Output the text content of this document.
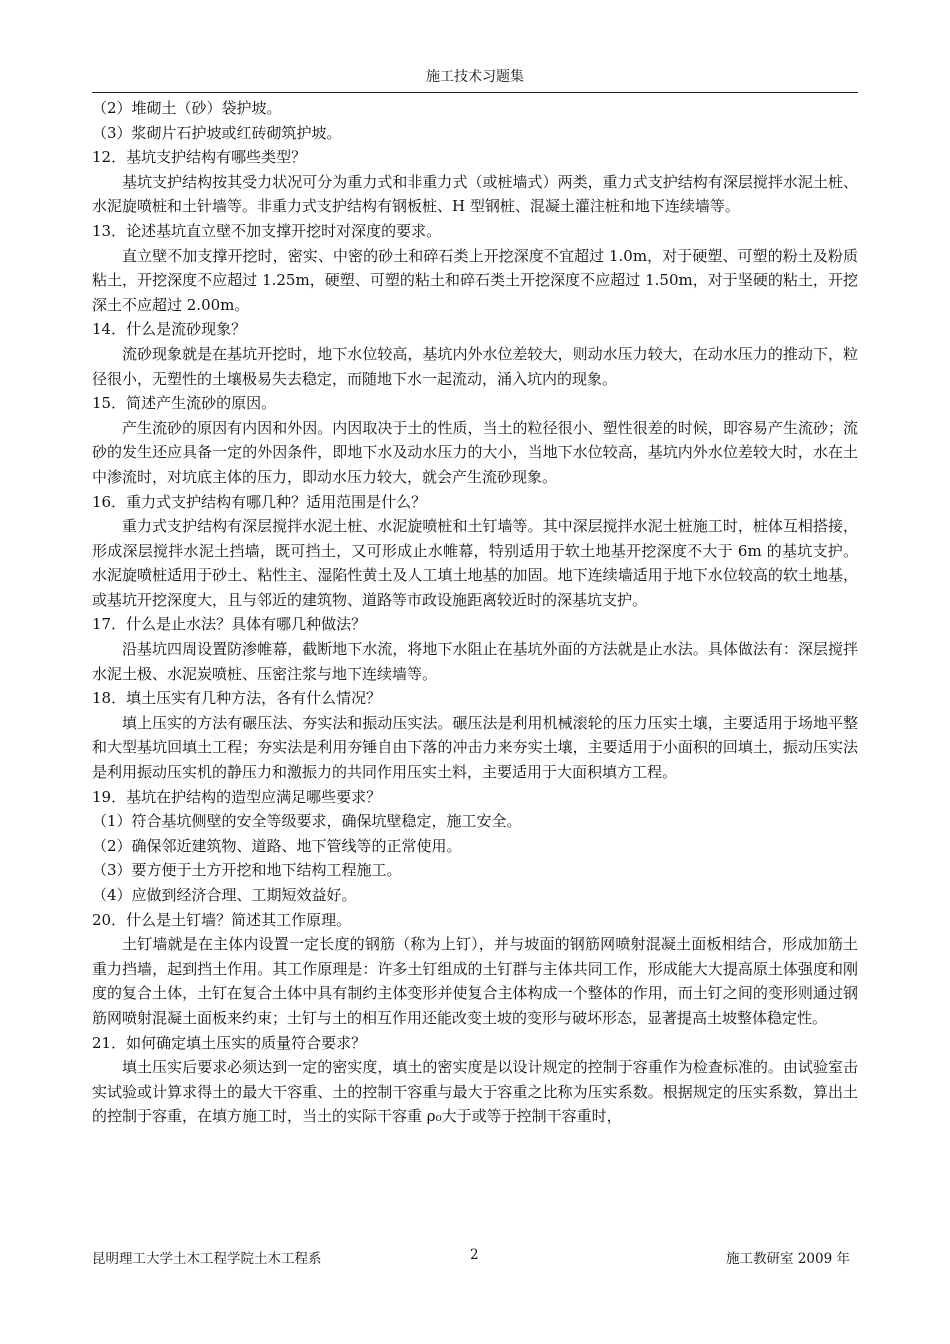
施工技术习题集
（2）堆砌土（砂）袋护坡。
（3）浆砌片石护坡或红砖砌筑护坡。
12．基坑支护结构有哪些类型？
基坑支护结构按其受力状况可分为重力式和非重力式（或桩墙式）两类，重力式支护结构有深层搅拌水泥土桩、水泥旋喷桩和土针墙等。非重力式支护结构有钢板桩、H 型钢桩、混凝土灌注桩和地下连续墙等。
13．论述基坑直立壁不加支撑开挖时对深度的要求。
直立壁不加支撑开挖时，密实、中密的砂土和碎石类上开挖深度不宜超过 1.0m，对于硬塑、可塑的粉土及粉质粘土，开挖深度不应超过 1.25m，硬塑、可塑的粘土和碎石类土开挖深度不应超过 1.50m，对于坚硬的粘土，开挖深土不应超过 2.00m。
14．什么是流砂现象？
流砂现象就是在基坑开挖时，地下水位较高，基坑内外水位差较大，则动水压力较大，在动水压力的推动下，粒径很小，无塑性的土壤极易失去稳定，而随地下水一起流动，涌入坑内的现象。
15．简述产生流砂的原因。
产生流砂的原因有内因和外因。内因取决于土的性质，当土的粒径很小、塑性很差的时候，即容易产生流砂；流砂的发生还应具备一定的外因条件，即地下水及动水压力的大小，当地下水位较高，基坑内外水位差较大时，水在土中渗流时，对坑底主体的压力，即动水压力较大，就会产生流砂现象。
16．重力式支护结构有哪几种？适用范围是什么？
重力式支护结构有深层搅拌水泥土桩、水泥旋喷桩和土钉墙等。其中深层搅拌水泥土桩施工时，桩体互相搭接，形成深层搅拌水泥土挡墙，既可挡土，又可形成止水帷幕，特别适用于软土地基开挖深度不大于 6m 的基坑支护。水泥旋喷桩适用于砂土、粘性主、湿陷性黄土及人工填土地基的加固。地下连续墙适用于地下水位较高的软土地基，或基坑开挖深度大，且与邻近的建筑物、道路等市政设施距离较近时的深基坑支护。
17．什么是止水法？具体有哪几种做法？
沿基坑四周设置防渗帷幕，截断地下水流，将地下水阻止在基坑外面的方法就是止水法。具体做法有：深层搅拌水泥土极、水泥炭喷桩、压密注浆与地下连续墙等。
18．填土压实有几种方法，各有什么情况？
填上压实的方法有碾压法、夯实法和振动压实法。碾压法是利用机械滚轮的压力压实土壤，主要适用于场地平整和大型基坑回填土工程；夯实法是利用夯锤自由下落的冲击力来夯实土壤，主要适用于小面积的回填土，振动压实法是利用振动压实机的静压力和激振力的共同作用压实土料，主要适用于大面积填方工程。
19．基坑在护结构的造型应满足哪些要求？
（1）符合基坑侧壁的安全等级要求，确保坑壁稳定，施工安全。
（2）确保邻近建筑物、道路、地下管线等的正常使用。
（3）要方便于土方开挖和地下结构工程施工。
（4）应做到经济合理、工期短效益好。
20．什么是土钉墙？简述其工作原理。
土钉墙就是在主体内设置一定长度的钢筋（称为上钉），并与坡面的钢筋网喷射混凝土面板相结合，形成加筋土重力挡墙，起到挡土作用。其工作原理是：许多土钉组成的土钉群与主体共同工作，形成能大大提高原土体强度和刚度的复合土体，土钉在复合土体中具有制约主体变形并使复合主体构成一个整体的作用，而土钉之间的变形则通过钢筋网喷射混凝土面板来约束；土钉与土的相互作用还能改变土坡的变形与破坏形态，显著提高土坡整体稳定性。
21．如何确定填土压实的质量符合要求？
填土压实后要求必须达到一定的密实度，填土的密实度是以设计规定的控制于容重作为检查标准的。由试验室击实试验或计算求得土的最大干容重、土的控制干容重与最大于容重之比称为压实系数。根据规定的压实系数，算出土的控制于容重，在填方施工时，当土的实际干容重 ρ₀大于或等于控制干容重时，
昆明理工大学土木工程学院土木工程系	2	施工教研室 2009 年
